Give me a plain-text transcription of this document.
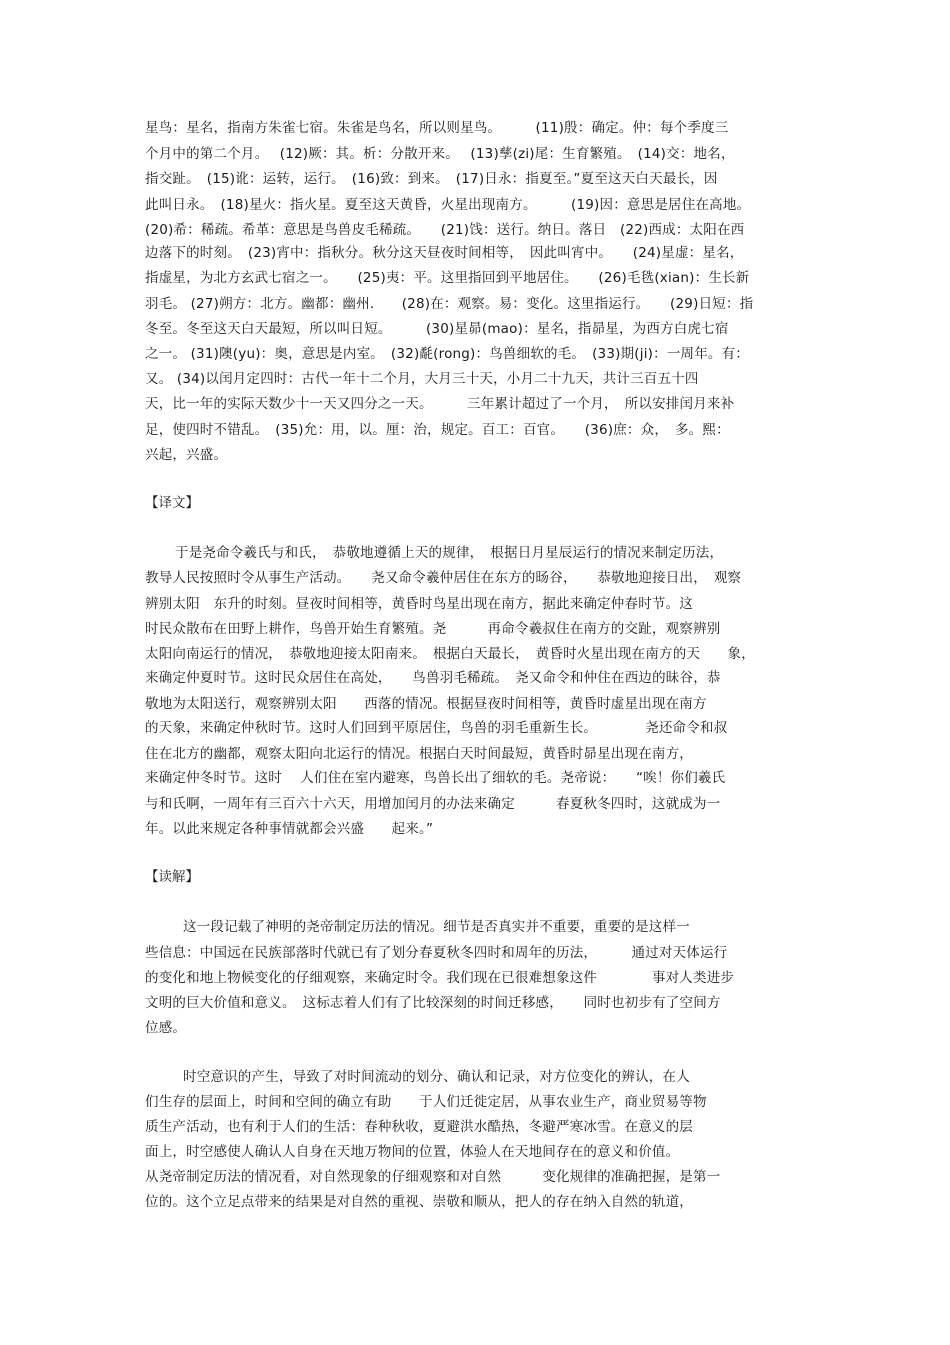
星鸟：星名，指南方朱雀七宿。朱雀是鸟名，所以则星鸟。　　　(11)殷：确定。仲：每个季度三
个月中的第二个月。　 (12)厥：其。析：分散开来。　 (13)孳(zi)尾：生育繁殖。　(14)交：地名，
指交趾。　(15)讹：运转，运行。　(16)致：到来。　(17)日永：指夏至。”夏至这天白天最长，因
此叫日永。　(18)星火：指火星。夏至这天黄昏，火星出现南方。　　　(19)因：意思是居住在高地。
(20)希：稀疏。希革：意思是鸟兽皮毛稀疏。　　(21)饯：送行。纳日。落日　(22)西成：太阳在西
边落下的时刻。　(23)宵中：指秋分。秋分这天昼夜时间相等，　因此叫宵中。　　(24)星虚：星名，
指虚星，为北方玄武七宿之一。　　(25)夷：平。这里指回到平地居住。　　(26)毛毨(xian)：生长新
羽毛。 (27)朔方：北方。幽都：幽州.　　(28)在：观察。易：变化。这里指运行。　　(29)日短：指
冬至。冬至这天白天最短，所以叫日短。　　　(30)星昴(mao)：星名，指昴星，为西方白虎七宿
之一。 (31)隩(yu)：奥，意思是内室。　(32)氄(rong)：鸟兽细软的毛。　(33)期(ji)：一周年。有：
又。 (34)以闰月定四时：古代一年十二个月，大月三十天，小月二十九天，共计三百五十四
天，比一年的实际天数少十一天又四分之一天。　　　三年累计超过了一个月，　所以安排闰月来补
足，使四时不错乱。　(35)允：用，以。厘：治，规定。百工：百官。　　(36)庶：众，　多。熙：
兴起，兴盛。
【译文】
于是尧命令羲氏与和氏，　恭敬地遵循上天的规律，　根据日月星辰运行的情况来制定历法，
教导人民按照时令从事生产活动。　　尧又命令羲仲居住在东方的旸谷，　　恭敬地迎接日出，　观察
辨别太阳　东升的时刻。昼夜时间相等，黄昏时鸟星出现在南方，据此来确定仲春时节。这
时民众散布在田野上耕作，鸟兽开始生育繁殖。尧　　　再命令羲叔住在南方的交趾，观察辨别
太阳向南运行的情况，　恭敬地迎接太阳南来。　根据白天最长，　黄昏时火星出现在南方的天　　象，
来确定仲夏时节。这时民众居住在高处，　　鸟兽羽毛稀疏。　尧又命令和仲住在西边的昧谷，恭
敬地为太阳送行，观察辨别太阳　　西落的情况。根据昼夜时间相等，黄昏时虚星出现在南方
的天象，来确定仲秋时节。这时人们回到平原居住，鸟兽的羽毛重新生长。　　　　尧还命令和叔
住在北方的幽都，观察太阳向北运行的情况。根据白天时间最短，黄昏时昴星出现在南方，
来确定仲冬时节。这时　 人们住在室内避寒，鸟兽长出了细软的毛。尧帝说：　　“唉！你们羲氏
与和氏啊，一周年有三百六十六天，用增加闰月的办法来确定　　　春夏秋冬四时，这就成为一
年。以此来规定各种事情就都会兴盛　　起来。”
【读解】
这一段记载了神明的尧帝制定历法的情况。细节是否真实并不重要，重要的是这样一
些信息：中国远在民族部落时代就已有了划分春夏秋冬四时和周年的历法，　　　通过对天体运行
的变化和地上物候变化的仔细观察，来确定时令。我们现在已很难想象这件　　　　事对人类进步
文明的巨大价值和意义。　这标志着人们有了比较深刻的时间迁移感，　　同时也初步有了空间方
位感。
时空意识的产生，导致了对时间流动的划分、确认和记录，对方位变化的辨认，在人
们生存的层面上，时间和空间的确立有助　　于人们迁徙定居，从事农业生产，商业贸易等物
质生产活动，也有利于人们的生活：春种秋收，夏避洪水酷热，冬避严寒冰雪。在意义的层
面上，时空感使人确认人自身在天地万物间的位置，体验人在天地间存在的意义和价值。
从尧帝制定历法的情况看，对自然现象的仔细观察和对自然　　　变化规律的准确把握，是第一
位的。这个立足点带来的结果是对自然的重视、崇敬和顺从，把人的存在纳入自然的轨道，
